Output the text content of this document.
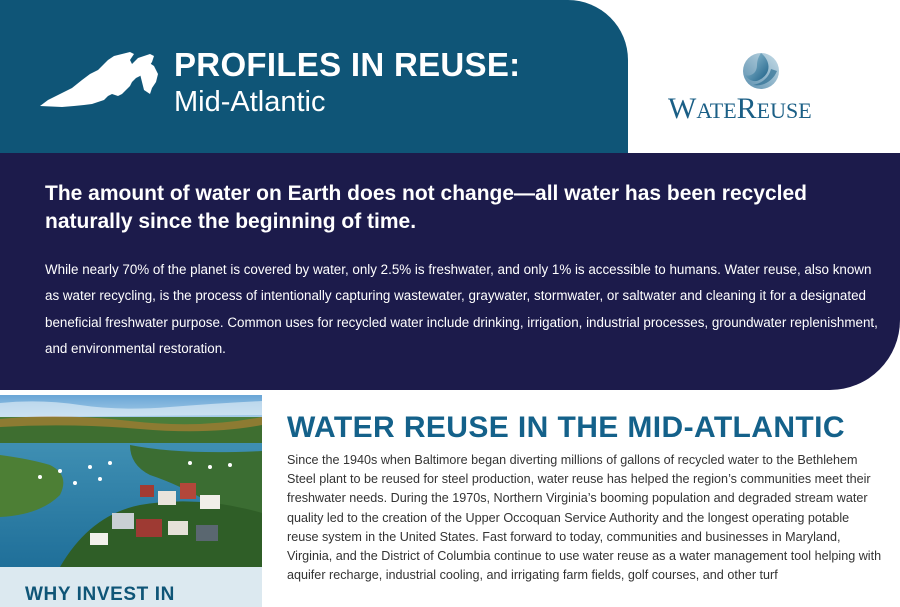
PROFILES IN REUSE:
Mid-Atlantic	WATEREUSE
The amount of water on Earth does not change—all water has been recycled naturally since the beginning of time.
While nearly 70% of the planet is covered by water, only 2.5% is freshwater, and only 1% is accessible to humans. Water reuse, also known as water recycling, is the process of intentionally capturing wastewater, graywater, stormwater, or saltwater and cleaning it for a designated beneficial freshwater purpose. Common uses for recycled water include drinking, irrigation, industrial processes, groundwater replenishment, and environmental restoration.
WHY INVEST IN
WATER REUSE IN THE MID-ATLANTIC
Since the 1940s when Baltimore began diverting millions of gallons of recycled water to the Bethlehem Steel plant to be reused for steel production, water reuse has helped the region’s communities meet their freshwater needs. During the 1970s, Northern Virginia’s booming population and degraded stream water quality led to the creation of the Upper Occoquan Service Authority and the longest operating potable reuse system in the United States. Fast forward to today, communities and businesses in Maryland, Virginia, and the District of Columbia continue to use water reuse as a water management tool helping with aquifer recharge, industrial cooling, and irrigating farm fields, golf courses, and other turf
